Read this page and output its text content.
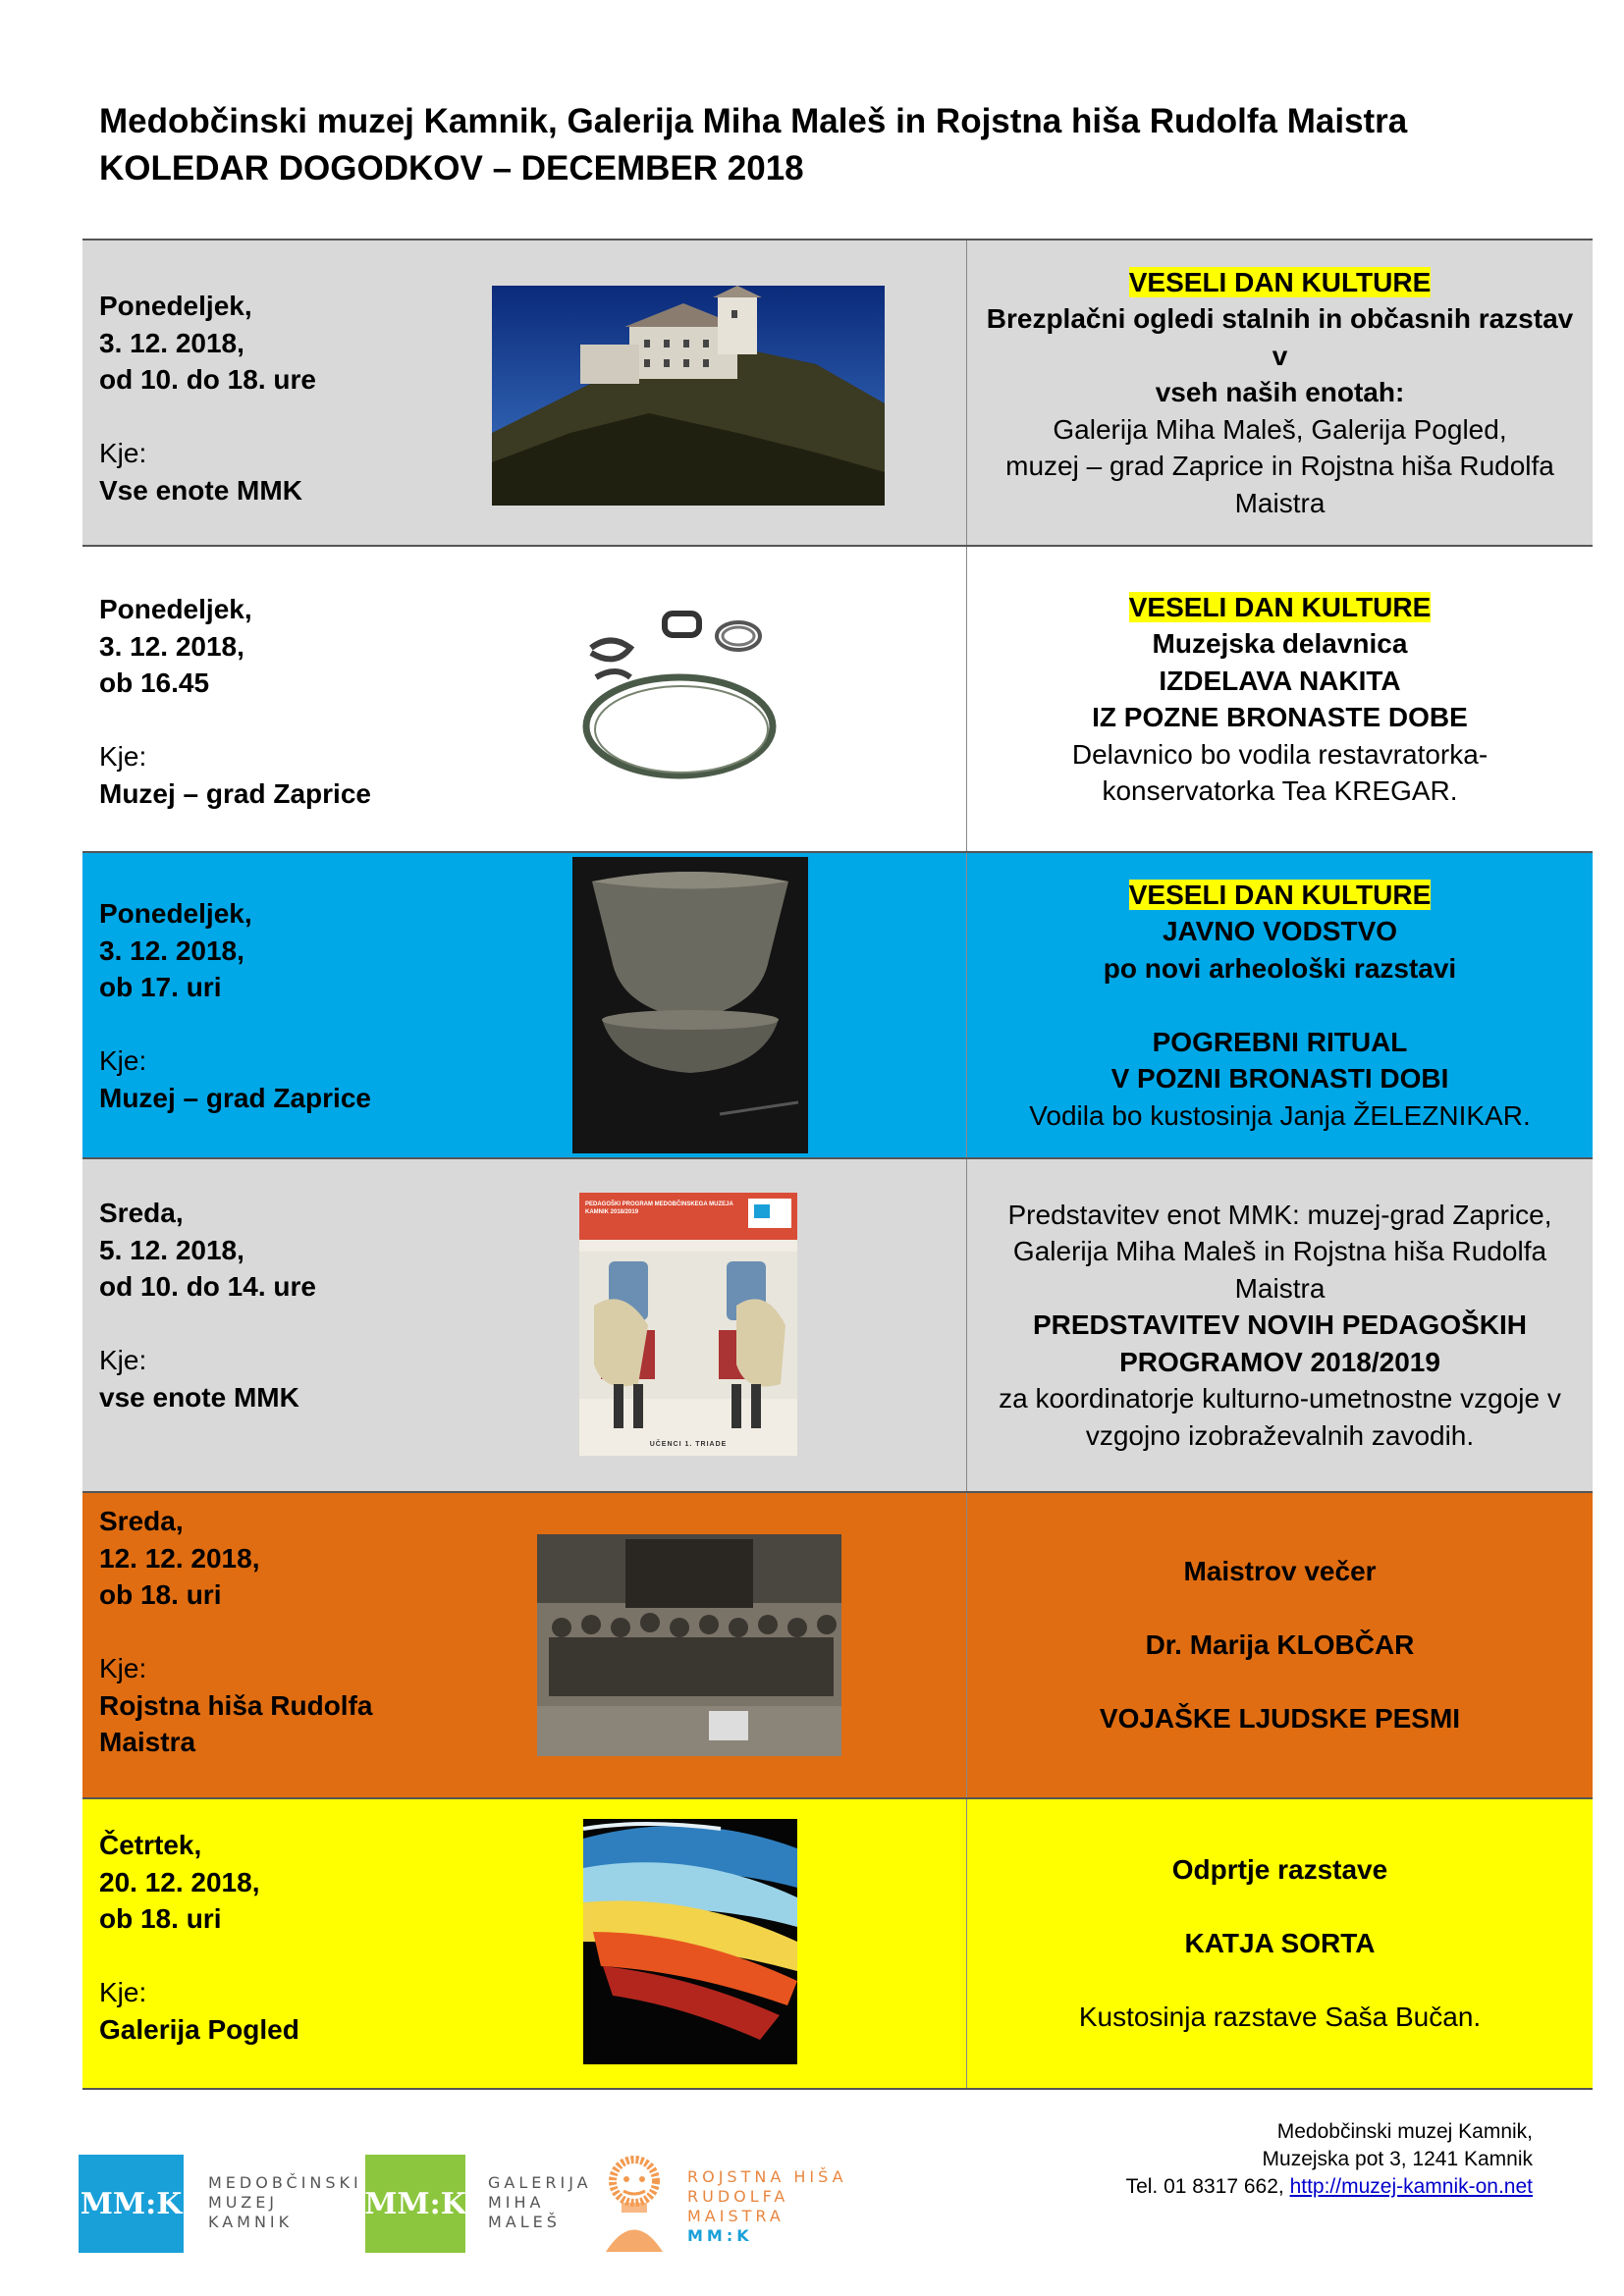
Medobčinski muzej Kamnik, Galerija Miha Maleš in Rojstna hiša Rudolfa Maistra
KOLEDAR DOGODKOV – DECEMBER 2018
Ponedeljek,
3. 12. 2018,
od 10. do 18. ure
Kje:
Vse enote MMK
VESELI DAN KULTURE
Brezplačni ogledi stalnih in občasnih razstav v
vseh naših enotah:
Galerija Miha Maleš, Galerija Pogled,
muzej – grad Zaprice in Rojstna hiša Rudolfa
Maistra
Ponedeljek,
3. 12. 2018,
ob 16.45
Kje:
Muzej – grad Zaprice
VESELI DAN KULTURE
Muzejska delavnica
IZDELAVA NAKITA
IZ POZNE BRONASTE DOBE
Delavnico bo vodila restavratorka-
konservatorka Tea KREGAR.
Ponedeljek,
3. 12. 2018,
ob 17. uri
Kje:
Muzej – grad Zaprice
VESELI DAN KULTURE
JAVNO VODSTVO
po novi arheološki razstavi
POGREBNI RITUAL
V POZNI BRONASTI DOBI
Vodila bo kustosinja Janja ŽELEZNIKAR.
Sreda,
5. 12. 2018,
od 10. do 14. ure
Kje:
vse enote MMK
PEDAGOŠKI PROGRAM MEDOBČINSKEGA MUZEJA KAMNIK 2018/2019
UČENCI 1. TRIADE
Predstavitev enot MMK: muzej-grad Zaprice,
Galerija Miha Maleš in Rojstna hiša Rudolfa
Maistra
PREDSTAVITEV NOVIH PEDAGOŠKIH
PROGRAMOV 2018/2019
za koordinatorje kulturno-umetnostne vzgoje v
vzgojno izobraževalnih zavodih.
Sreda,
12. 12. 2018,
ob 18. uri
Kje:
Rojstna hiša Rudolfa
Maistra
Maistrov večer
Dr. Marija KLOBČAR
VOJAŠKE LJUDSKE PESMI
Četrtek,
20. 12. 2018,
ob 18. uri
Kje:
Galerija Pogled
Odprtje razstave
KATJA SORTA
Kustosinja razstave Saša Bučan.
MM:K
MEDOBČINSKI
MUZEJ
KAMNIK
MM:K
GALERIJA
MIHA
MALEŠ
ROJSTNA HIŠA
RUDOLFA
MAISTRA
MM:K
Medobčinski muzej Kamnik,
Muzejska pot 3, 1241 Kamnik
Tel. 01 8317 662, http://muzej-kamnik-on.net
